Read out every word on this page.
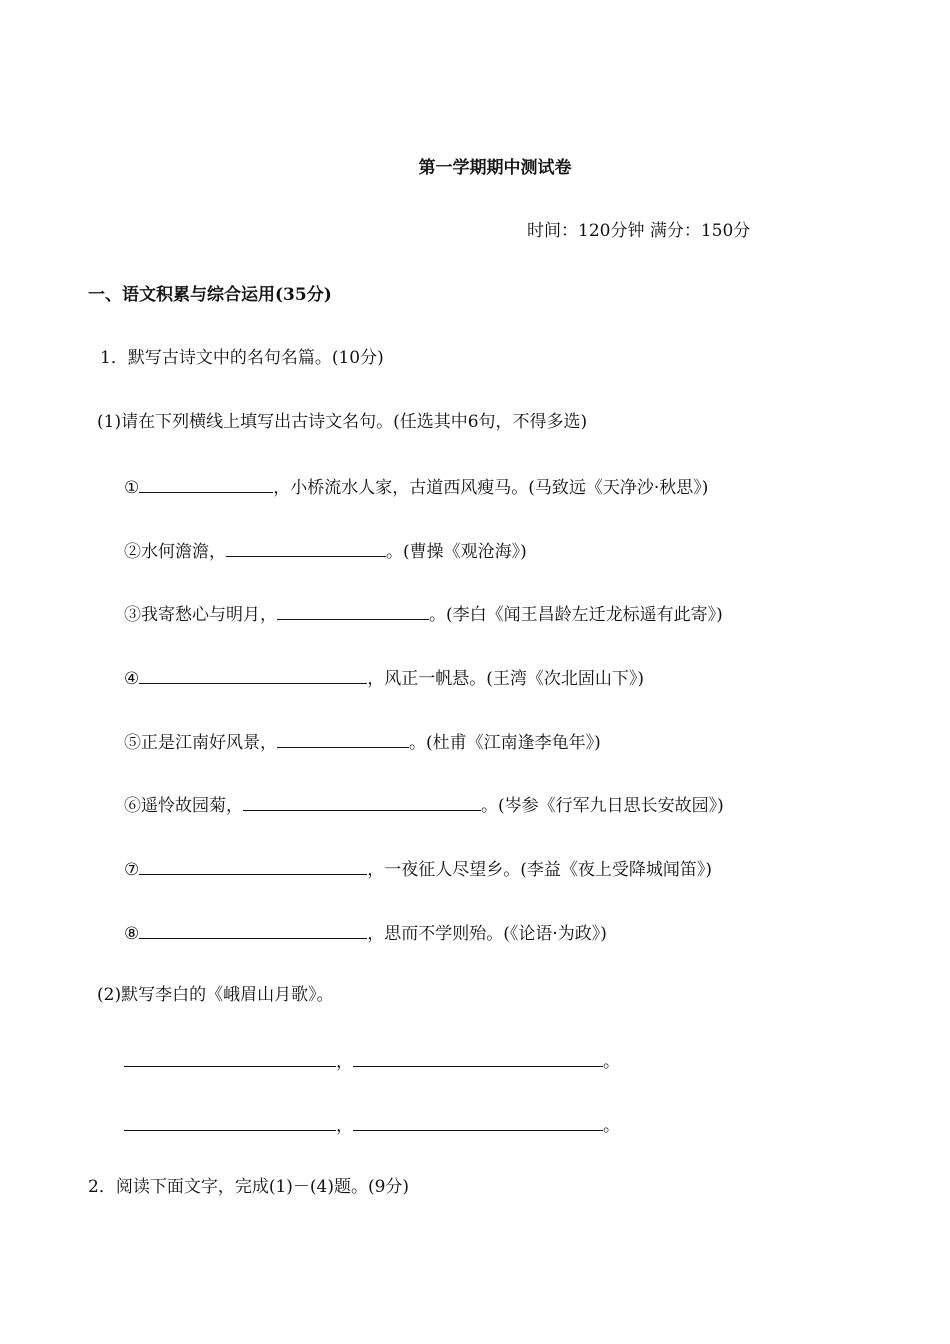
第一学期期中测试卷
时间：120分钟 满分：150分
一、语文积累与综合运用(35分)
1．默写古诗文中的名句名篇。(10分)
(1)请在下列横线上填写出古诗文名句。(任选其中6句，不得多选)
①	，小桥流水人家，古道西风瘦马。(马致远《天净沙·秋思》)
②水何澹澹，	。(曹操《观沧海》)
③我寄愁心与明月，	。(李白《闻王昌龄左迁龙标遥有此寄》)
④	，风正一帆悬。(王湾《次北固山下》)
⑤正是江南好风景，	。(杜甫《江南逢李龟年》)
⑥遥怜故园菊，	。(岑参《行军九日思长安故园》)
⑦	，一夜征人尽望乡。(李益《夜上受降城闻笛》)
⑧	，思而不学则殆。(《论语·为政》)
(2)默写李白的《峨眉山月歌》。
，	。
，	。
2．阅读下面文字，完成(1)－(4)题。(9分)
